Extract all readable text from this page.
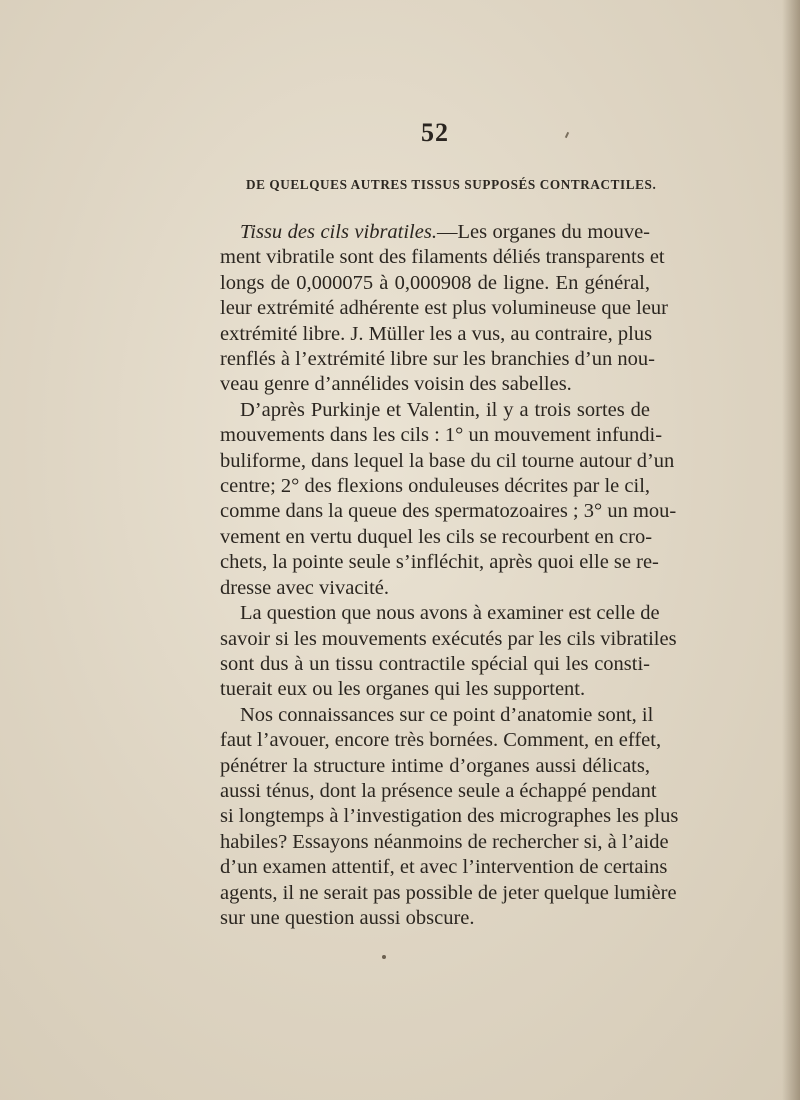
52
DE QUELQUES AUTRES TISSUS SUPPOSÉS CONTRACTILES.
Tissu des cils vibratiles.—Les organes du mouve-
ment vibratile sont des filaments déliés transparents et
longs de 0,000075 à 0,000908 de ligne. En général,
leur extrémité adhérente est plus volumineuse que leur
extrémité libre. J. Müller les a vus, au contraire, plus
renflés à l’extrémité libre sur les branchies d’un nou-
veau genre d’annélides voisin des sabelles.
D’après Purkinje et Valentin, il y a trois sortes de
mouvements dans les cils : 1° un mouvement infundi-
buliforme, dans lequel la base du cil tourne autour d’un
centre; 2° des flexions onduleuses décrites par le cil,
comme dans la queue des spermatozoaires ; 3° un mou-
vement en vertu duquel les cils se recourbent en cro-
chets, la pointe seule s’infléchit, après quoi elle se re-
dresse avec vivacité.
La question que nous avons à examiner est celle de
savoir si les mouvements exécutés par les cils vibratiles
sont dus à un tissu contractile spécial qui les consti-
tuerait eux ou les organes qui les supportent.
Nos connaissances sur ce point d’anatomie sont, il
faut l’avouer, encore très bornées. Comment, en effet,
pénétrer la structure intime d’organes aussi délicats,
aussi ténus, dont la présence seule a échappé pendant
si longtemps à l’investigation des micrographes les plus
habiles? Essayons néanmoins de rechercher si, à l’aide
d’un examen attentif, et avec l’intervention de certains
agents, il ne serait pas possible de jeter quelque lumière
sur une question aussi obscure.
